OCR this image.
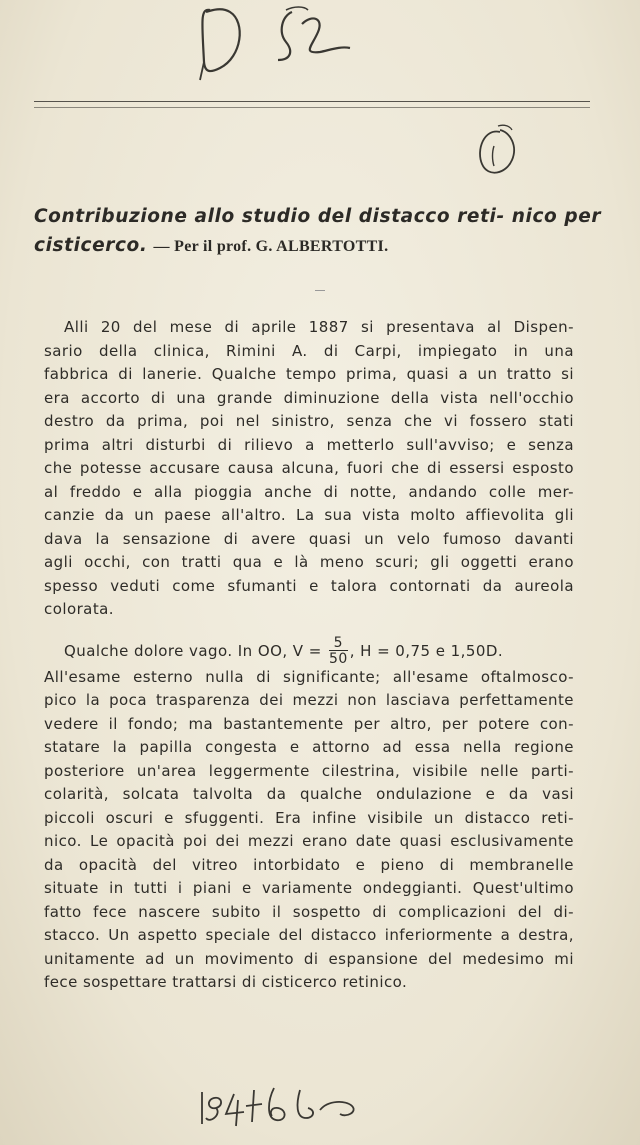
Contribuzione allo studio del distacco reti- nico per cisticerco. — Per il prof. G. ALBERTOTTI.

Alli 20 del mese di aprile 1887 si presentava al Dispen-
sario della clinica, Rimini A. di Carpi, impiegato in una
fabbrica di lanerie. Qualche tempo prima, quasi a un tratto si
era accorto di una grande diminuzione della vista nell'occhio
destro da prima, poi nel sinistro, senza che vi fossero stati
prima altri disturbi di rilievo a metterlo sull'avviso; e senza
che potesse accusare causa alcuna, fuori che di essersi esposto
al freddo e alla pioggia anche di notte, andando colle mer-
canzie da un paese all'altro. La sua vista molto affievolita gli
dava la sensazione di avere quasi un velo fumoso davanti
agli occhi, con tratti qua e là meno scuri; gli oggetti erano
spesso veduti come sfumanti e talora contornati da aureola
colorata.

Qualche dolore vago. In OO, $V = \frac{5}{50}$ , H = 0,75 e 1,50D.

All'esame esterno nulla di significante; all'esame oftalmosco-
pico la poca trasparenza dei mezzi non lasciava perfettamente
vedere il fondo; ma bastantemente per altro, per potere con-
statare la papilla congesta e attorno ad essa nella regione
posteriore un'area leggermente cilestrina, visibile nelle parti-
colarità, solcata talvolta da qualche ondulazione e da vasi
piccoli oscuri e sfuggenti. Era infine visibile un distacco reti-
nico. Le opacità poi dei mezzi erano date quasi esclusivamente
da opacità del vitreo intorbidato e pieno di membranelle
situate in tutti i piani e variamente ondeggianti. Quest'ultimo
fatto fece nascere subito il sospetto di complicazioni del di-
stacco. Un aspetto speciale del distacco inferiormente a destra,
unitamente ad un movimento di espansione del medesimo mi
fece sospettare trattarsi di cisticerco retinico.
